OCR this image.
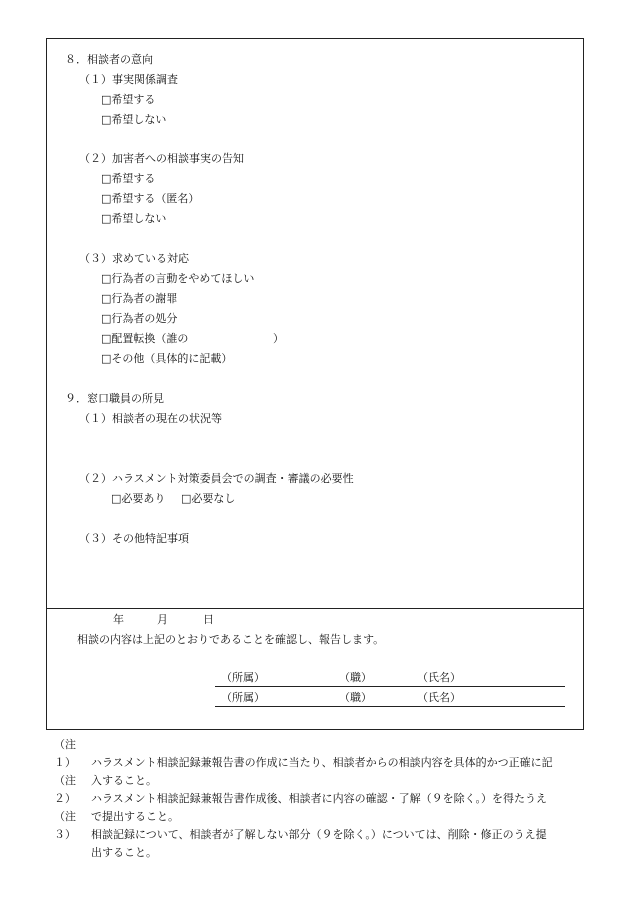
８．相談者の意向
（１）事実関係調査
□希望する
□希望しない
（２）加害者への相談事実の告知
□希望する
□希望する（匿名）
□希望しない
（３）求めている対応
□行為者の言動をやめてほしい
□行為者の謝罪
□行為者の処分
□配置転換（誰の	）
□その他（具体的に記載）
９．窓口職員の所見
（１）相談者の現在の状況等
（２）ハラスメント対策委員会での調査・審議の必要性
□必要あり □必要なし
（３）その他特記事項
年	月	日
相談の内容は上記のとおりであることを確認し、報告します。
（所属）	（職）	（氏名）
（所属）	（職）	（氏名）
（注１） ハラスメント相談記録兼報告書の作成に当たり、相談者からの相談内容を具体的かつ正確に記
入すること。
（注２） ハラスメント相談記録兼報告書作成後、相談者に内容の確認・了解（９を除く。）を得たうえ
で提出すること。
（注３） 相談記録について、相談者が了解しない部分（９を除く。）については、削除・修正のうえ提
出すること。
